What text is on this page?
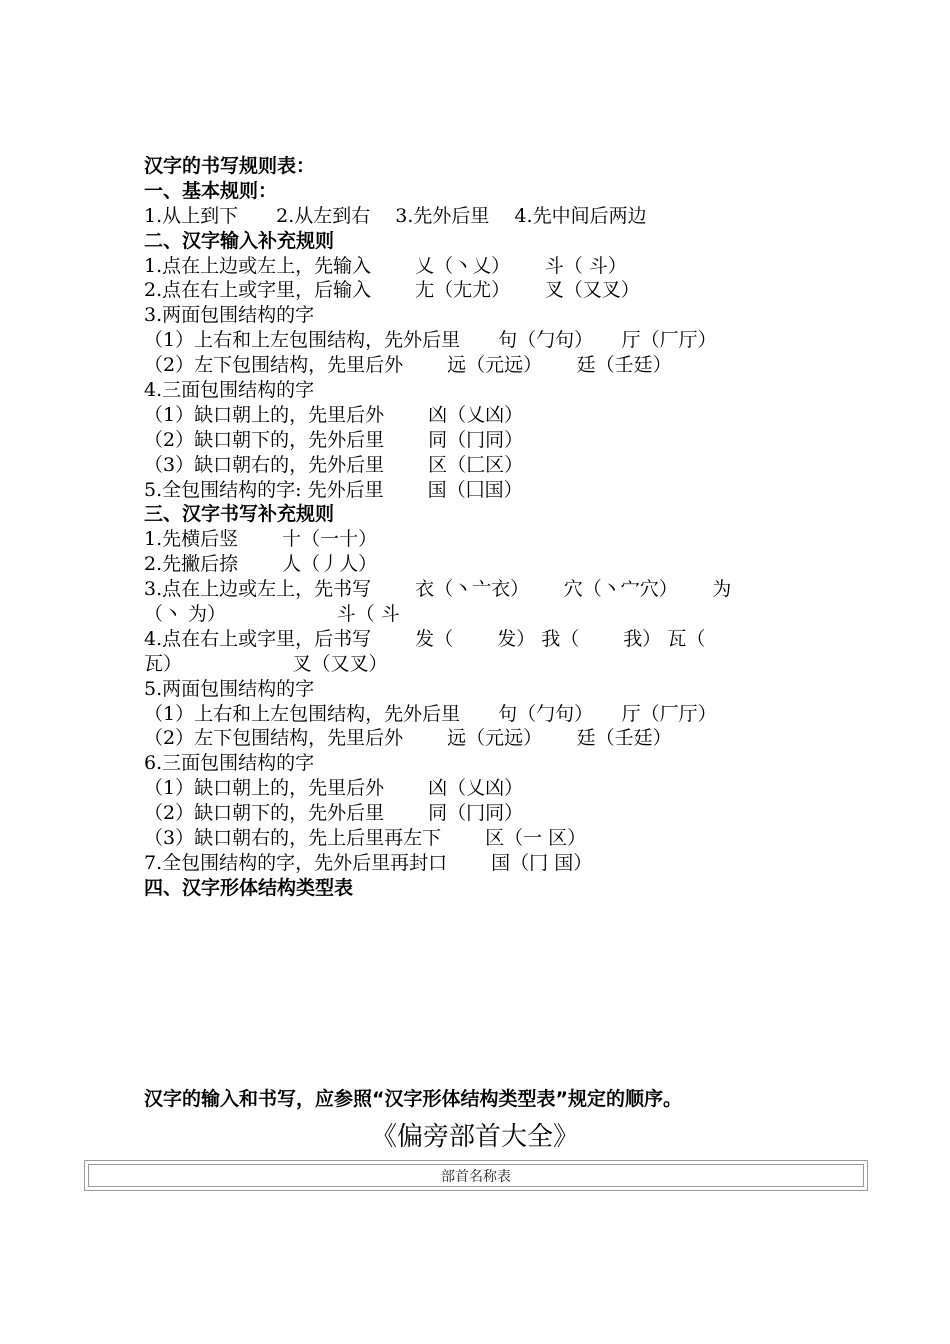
汉字的书写规则表：
一、基本规则：
1.从上到下　　2.从左到右　 3.先外后里　 4.先中间后两边
二、汉字输入补充规则
1.点在上边或左上，先输入　　 乂（丶乂）　　 斗（ 斗）
2.点在右上或字里，后输入　　 尢（尢尤）　　 叉（又叉）
3.两面包围结构的字
（1）上右和上左包围结构，先外后里　　句（勹句）　　厅（厂厅）
（2）左下包围结构，先里后外　　 远（元远）　　 廷（壬廷）
4.三面包围结构的字
（1）缺口朝上的，先里后外　　 凶（乂凶）
（2）缺口朝下的，先外后里　　 同（冂同）
（3）缺口朝右的，先外后里　　 区（匚区）
5.全包围结构的字: 先外后里　　 国（囗国）
三、汉字书写补充规则
1.先横后竖　　 十（一十）
2.先撇后捺　　 人（丿人）
3.点在上边或左上，先书写　　 衣（丶亠衣）　　 穴（丶宀穴）　　 为
（丶 为）　　　　　　 斗（ 斗
4.点在右上或字里，后书写　　 发（　　 发） 我（　　 我） 瓦（
瓦）　　　　　　 叉（又叉）
5.两面包围结构的字
（1）上右和上左包围结构，先外后里　　句（勹句）　　厅（厂厅）
（2）左下包围结构，先里后外　　 远（元远）　　 廷（壬廷）
6.三面包围结构的字
（1）缺口朝上的，先里后外　　 凶（乂凶）
（2）缺口朝下的，先外后里　　 同（冂同）
（3）缺口朝右的，先上后里再左下　　 区（一 区）
7.全包围结构的字，先外后里再封口　　 国（冂 国）
四、汉字形体结构类型表
汉字的输入和书写，应参照“汉字形体结构类型表”规定的顺序。
《偏旁部首大全》
部首名称表
